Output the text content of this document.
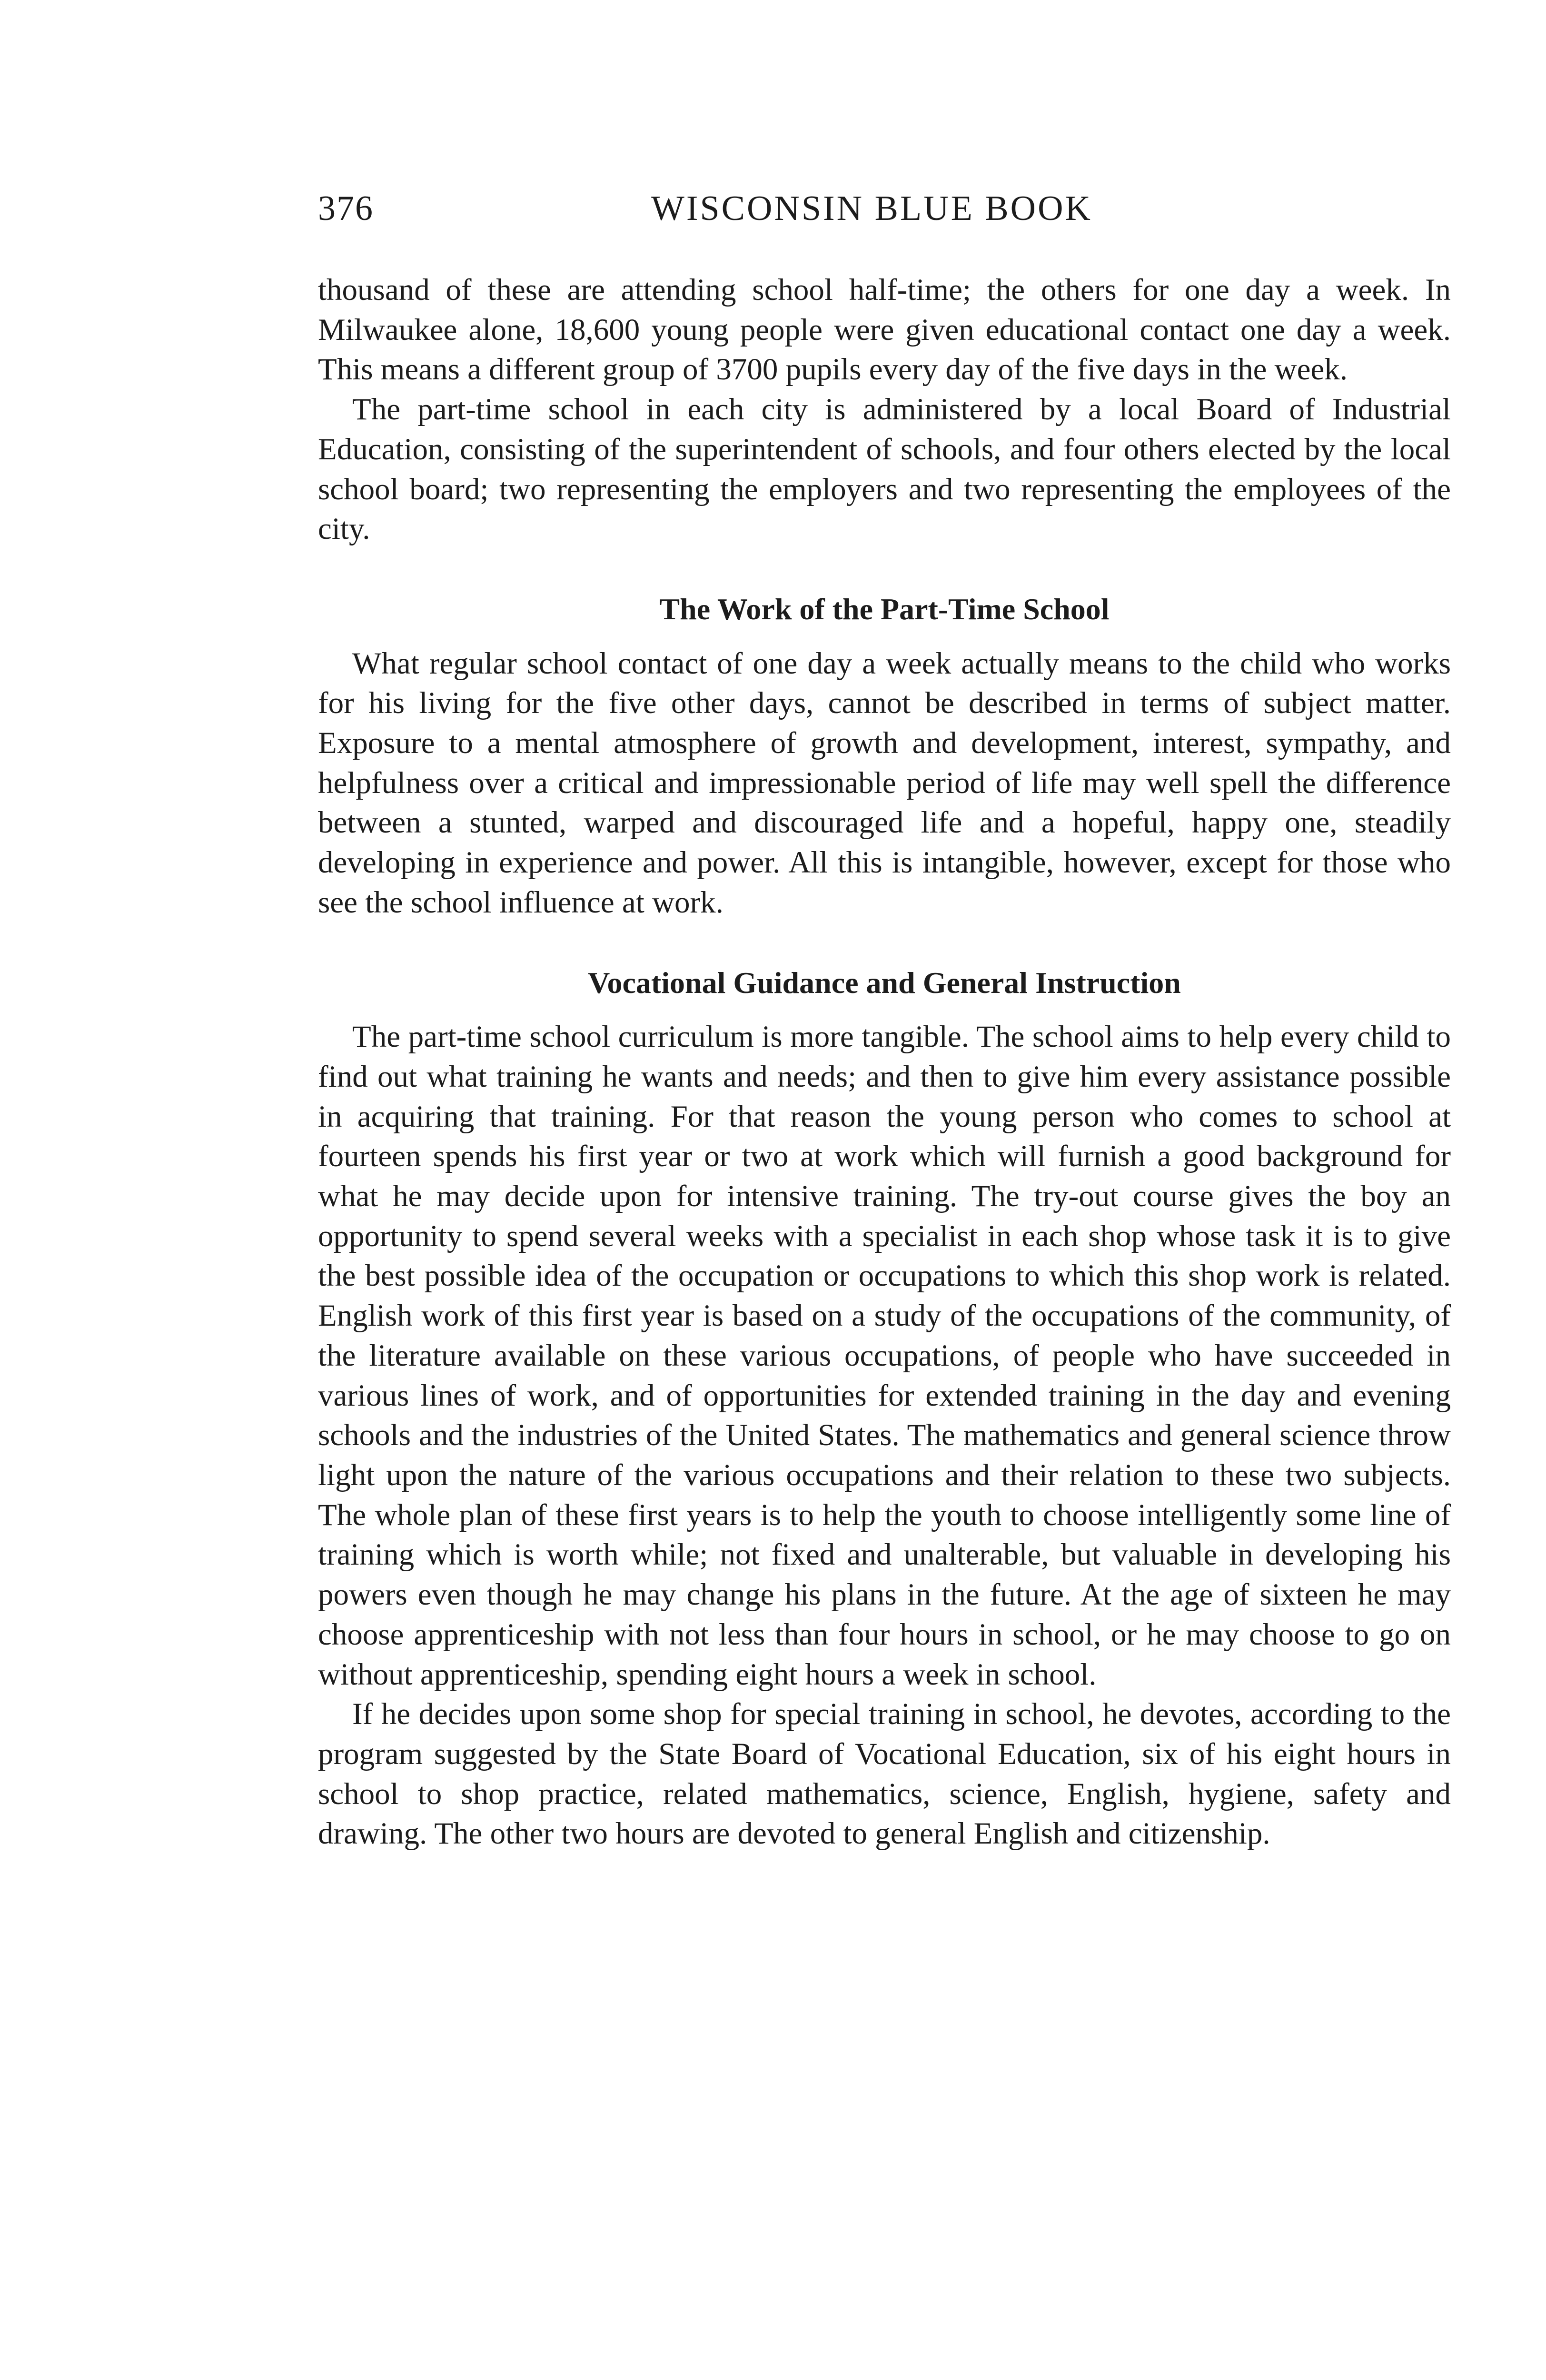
376	WISCONSIN BLUE BOOK

thousand of these are attending school half-time; the others for one day a week. In Milwaukee alone, 18,600 young people were given educational contact one day a week. This means a different group of 3700 pupils every day of the five days in the week.

The part-time school in each city is administered by a local Board of Industrial Education, consisting of the superintendent of schools, and four others elected by the local school board; two representing the employers and two representing the employees of the city.

The Work of the Part-Time School

What regular school contact of one day a week actually means to the child who works for his living for the five other days, cannot be described in terms of subject matter. Exposure to a mental atmosphere of growth and development, interest, sympathy, and helpfulness over a critical and impressionable period of life may well spell the difference between a stunted, warped and discouraged life and a hopeful, happy one, steadily developing in experience and power. All this is intangible, however, except for those who see the school influence at work.

Vocational Guidance and General Instruction

The part-time school curriculum is more tangible. The school aims to help every child to find out what training he wants and needs; and then to give him every assistance possible in acquiring that training. For that reason the young person who comes to school at fourteen spends his first year or two at work which will furnish a good background for what he may decide upon for intensive training. The try-out course gives the boy an opportunity to spend several weeks with a specialist in each shop whose task it is to give the best possible idea of the occupation or occupations to which this shop work is related. English work of this first year is based on a study of the occupations of the community, of the literature available on these various occupations, of people who have succeeded in various lines of work, and of opportunities for extended training in the day and evening schools and the industries of the United States. The mathematics and general science throw light upon the nature of the various occupations and their relation to these two subjects. The whole plan of these first years is to help the youth to choose intelligently some line of training which is worth while; not fixed and unalterable, but valuable in developing his powers even though he may change his plans in the future. At the age of sixteen he may choose apprenticeship with not less than four hours in school, or he may choose to go on without apprenticeship, spending eight hours a week in school.

If he decides upon some shop for special training in school, he devotes, according to the program suggested by the State Board of Vocational Education, six of his eight hours in school to shop practice, related mathematics, science, English, hygiene, safety and drawing. The other two hours are devoted to general English and citizenship.
